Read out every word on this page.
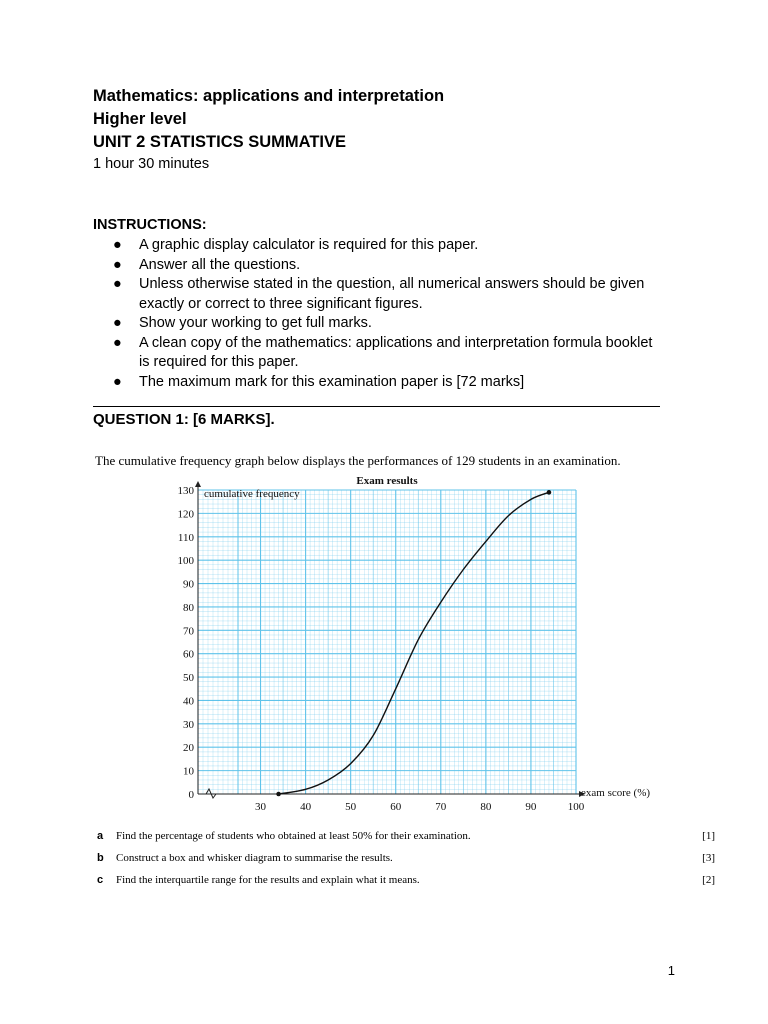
Mathematics: applications and interpretation
Higher level
UNIT 2 STATISTICS SUMMATIVE
1 hour 30 minutes
INSTRUCTIONS:
● A graphic display calculator is required for this paper.
● Answer all the questions.
● Unless otherwise stated in the question, all numerical answers should be given exactly or correct to three significant figures.
● Show your working to get full marks.
● A clean copy of the mathematics: applications and interpretation formula booklet is required for this paper.
● The maximum mark for this examination paper is [72 marks]
QUESTION 1: [6 MARKS].
The cumulative frequency graph below displays the performances of 129 students in an examination.
0
10
20
30
40
50
60
70
80
90
100
110
120
130
30	40	50	60	70	80	90	100
Exam results
cumulative frequency
exam score (%)
a Find the percentage of students who obtained at least 50% for their examination.	[1]
b Construct a box and whisker diagram to summarise the results.	[3]
c Find the interquartile range for the results and explain what it means.	[2]
1
